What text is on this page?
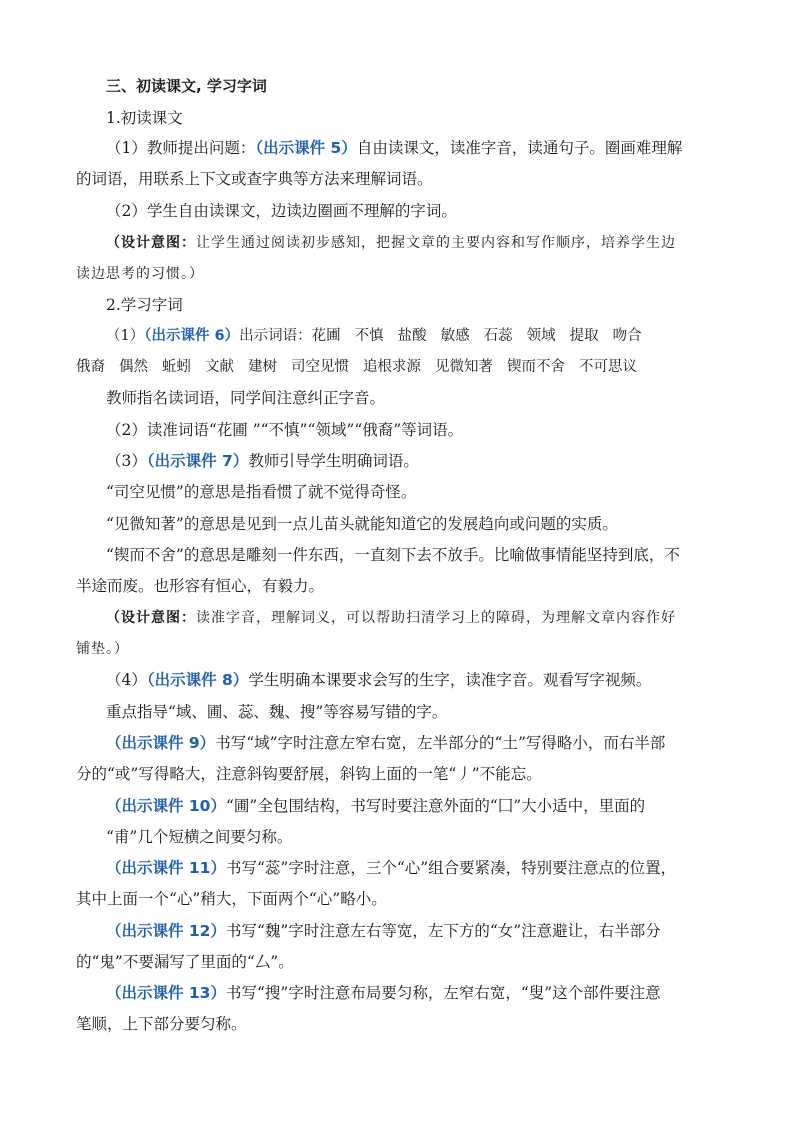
三、初读课文, 学习字词
1.初读课文
（1）教师提出问题：（出示课件 5）自由读课文，读准字音，读通句子。圈画难理解
的词语，用联系上下文或查字典等方法来理解词语。
（2）学生自由读课文，边读边圈画不理解的字词。
（设计意图：让学生通过阅读初步感知，把握文章的主要内容和写作顺序，培养学生边
读边思考的习惯。）
2.学习字词
（1）（出示课件 6）出示词语：花圃 不慎 盐酸 敏感 石蕊 领域 提取 吻合
俄裔 偶然 蚯蚓 文献 建树 司空见惯 追根求源 见微知著 锲而不舍 不可思议
教师指名读词语，同学间注意纠正字音。
（2）读准词语“花圃 ”“不慎”“领域”“俄裔”等词语。
（3）（出示课件 7）教师引导学生明确词语。
“司空见惯”的意思是指看惯了就不觉得奇怪。
“见微知著”的意思是见到一点儿苗头就能知道它的发展趋向或问题的实质。
“锲而不舍”的意思是雕刻一件东西，一直刻下去不放手。比喻做事情能坚持到底，不
半途而废。也形容有恒心，有毅力。
（设计意图：读准字音，理解词义，可以帮助扫清学习上的障碍，为理解文章内容作好
铺垫。）
（4）（出示课件 8）学生明确本课要求会写的生字，读准字音。观看写字视频。
重点指导“域、圃、蕊、魏、搜”等容易写错的字。
（出示课件 9）书写“域”字时注意左窄右宽，左半部分的“土”写得略小，而右半部
分的“或”写得略大，注意斜钩要舒展，斜钩上面的一笔“丿”不能忘。
（出示课件 10）“圃”全包围结构，书写时要注意外面的“囗”大小适中，里面的
“甫”几个短横之间要匀称。
（出示课件 11）书写“蕊”字时注意，三个“心”组合要紧凑，特别要注意点的位置，
其中上面一个“心”稍大，下面两个“心”略小。
（出示课件 12）书写“魏”字时注意左右等宽，左下方的“女”注意避让，右半部分
的“鬼”不要漏写了里面的“厶”。
（出示课件 13）书写“搜”字时注意布局要匀称，左窄右宽，“叟”这个部件要注意
笔顺，上下部分要匀称。
